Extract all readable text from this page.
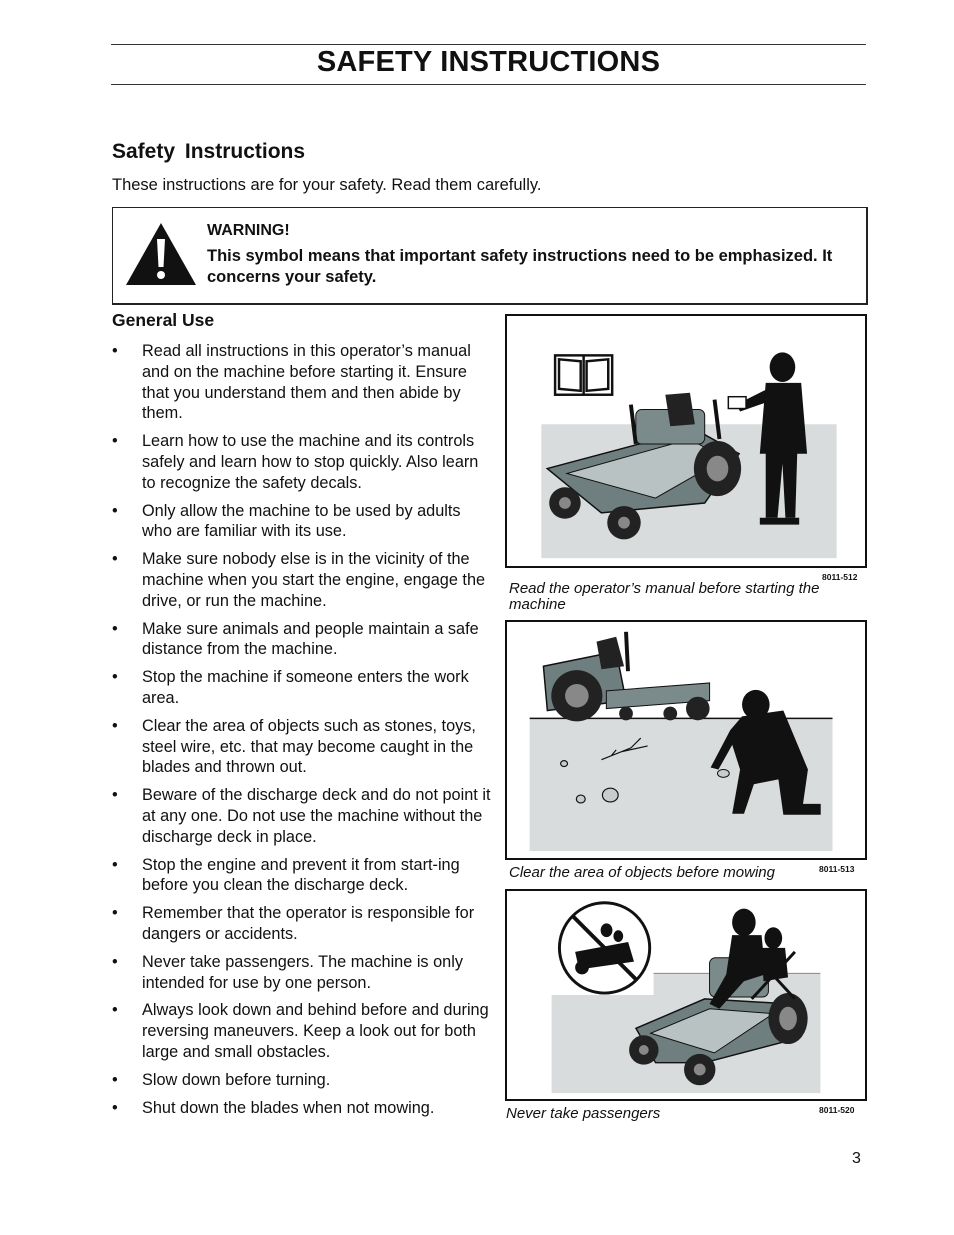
SAFETY INSTRUCTIONS
Safety Instructions
These instructions are for your safety. Read them carefully.
WARNING!
This symbol means that important safety instructions need to be emphasized. It concerns your safety.
General Use
• Read all instructions in this operator’s manual and on the machine before starting it. Ensure that you understand them and then abide by them.
• Learn how to use the machine and its controls safely and learn how to stop quickly. Also learn to recognize the safety decals.
• Only allow the machine to be used by adults who are familiar with its use.
• Make sure nobody else is in the vicinity of the machine when you start the engine, engage the drive, or run the machine.
• Make sure animals and people maintain a safe distance from the machine.
• Stop the machine if someone enters the work area.
• Clear the area of objects such as stones, toys, steel wire, etc. that may become caught in the blades and thrown out.
• Beware of the discharge deck and do not point it at any one. Do not use the machine without the discharge deck in place.
• Stop the engine and prevent it from start-ing before you clean the discharge deck.
• Remember that the operator is responsible for dangers or accidents.
• Never take passengers. The machine is only intended for use by one person.
• Always look down and behind before and during reversing maneuvers. Keep a look out for both large and small obstacles.
• Slow down before turning.
• Shut down the blades when not mowing.
8011-512
Read the operator’s manual before starting the machine
8011-513
Clear the area of objects before mowing
8011-520
Never take passengers
3
